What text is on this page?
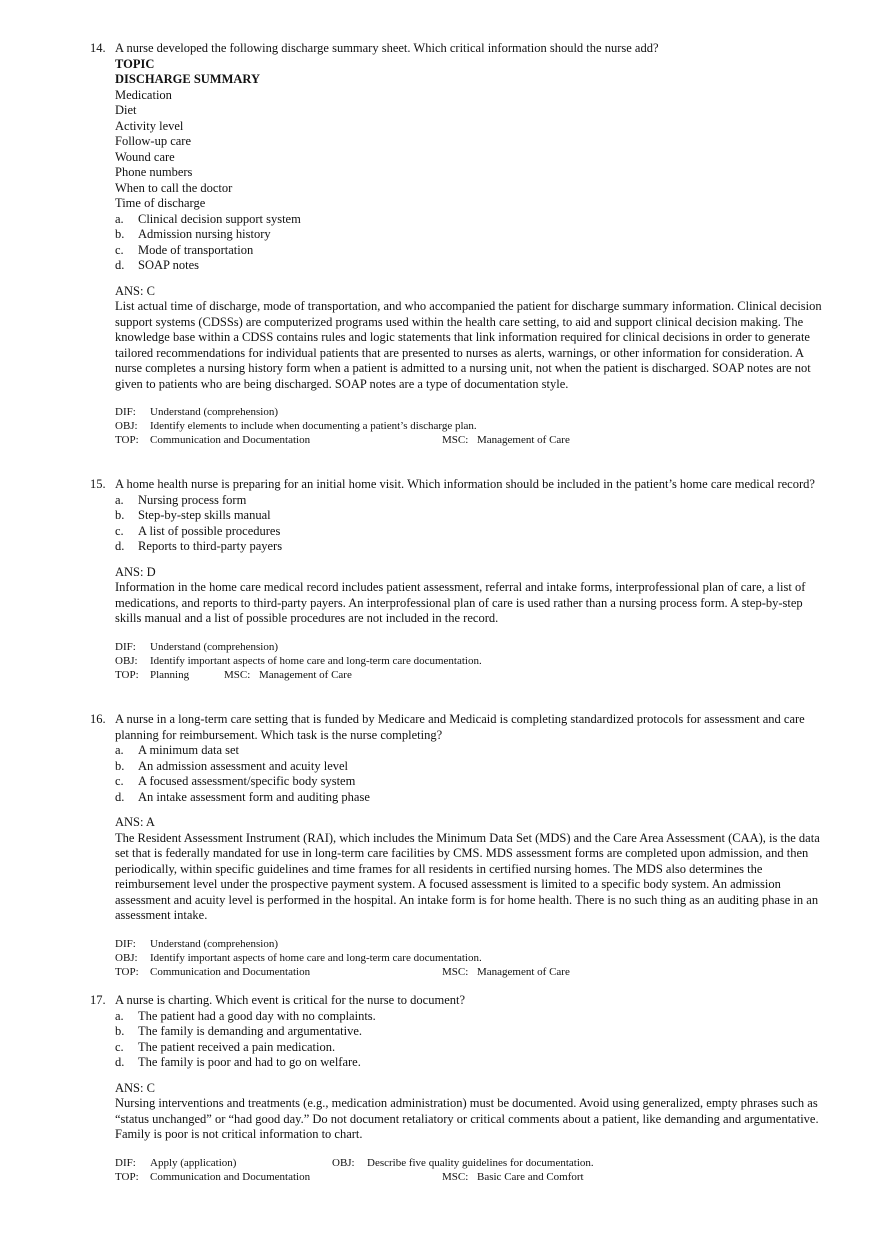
14. A nurse developed the following discharge summary sheet. Which critical information should the nurse add?
TOPIC
DISCHARGE SUMMARY
Medication
Diet
Activity level
Follow-up care
Wound care
Phone numbers
When to call the doctor
Time of discharge
a.	Clinical decision support system
b.	Admission nursing history
c.	Mode of transportation
d.	SOAP notes
ANS: C
List actual time of discharge, mode of transportation, and who accompanied the patient for discharge summary information. Clinical decision support systems (CDSSs) are computerized programs used within the health care setting, to aid and support clinical decision making. The knowledge base within a CDSS contains rules and logic statements that link information required for clinical decisions in order to generate tailored recommendations for individual patients that are presented to nurses as alerts, warnings, or other information for consideration. A nurse completes a nursing history form when a patient is admitted to a nursing unit, not when the patient is discharged. SOAP notes are not given to patients who are being discharged. SOAP notes are a type of documentation style.
DIF: Understand (comprehension)
OBJ: Identify elements to include when documenting a patient’s discharge plan.
TOP: Communication and Documentation	MSC: Management of Care
15. A home health nurse is preparing for an initial home visit. Which information should be included in the patient’s home care medical record?
a.	Nursing process form
b.	Step-by-step skills manual
c.	A list of possible procedures
d.	Reports to third-party payers
ANS: D
Information in the home care medical record includes patient assessment, referral and intake forms, interprofessional plan of care, a list of medications, and reports to third-party payers. An interprofessional plan of care is used rather than a nursing process form. A step-by-step skills manual and a list of possible procedures are not included in the record.
DIF: Understand (comprehension)
OBJ: Identify important aspects of home care and long-term care documentation.
TOP: Planning	MSC: Management of Care
16. A nurse in a long-term care setting that is funded by Medicare and Medicaid is completing standardized protocols for assessment and care planning for reimbursement. Which task is the nurse completing?
a.	A minimum data set
b.	An admission assessment and acuity level
c.	A focused assessment/specific body system
d.	An intake assessment form and auditing phase
ANS: A
The Resident Assessment Instrument (RAI), which includes the Minimum Data Set (MDS) and the Care Area Assessment (CAA), is the data set that is federally mandated for use in long-term care facilities by CMS. MDS assessment forms are completed upon admission, and then periodically, within specific guidelines and time frames for all residents in certified nursing homes. The MDS also determines the reimbursement level under the prospective payment system. A focused assessment is limited to a specific body system. An admission assessment and acuity level is performed in the hospital. An intake form is for home health. There is no such thing as an auditing phase in an assessment intake.
DIF: Understand (comprehension)
OBJ: Identify important aspects of home care and long-term care documentation.
TOP: Communication and Documentation	MSC: Management of Care
17. A nurse is charting. Which event is critical for the nurse to document?
a.	The patient had a good day with no complaints.
b.	The family is demanding and argumentative.
c.	The patient received a pain medication.
d.	The family is poor and had to go on welfare.
ANS: C
Nursing interventions and treatments (e.g., medication administration) must be documented. Avoid using generalized, empty phrases such as “status unchanged” or “had good day.” Do not document retaliatory or critical comments about a patient, like demanding and argumentative. Family is poor is not critical information to chart.
DIF: Apply (application)	OBJ: Describe five quality guidelines for documentation.
TOP: Communication and Documentation	MSC: Basic Care and Comfort
